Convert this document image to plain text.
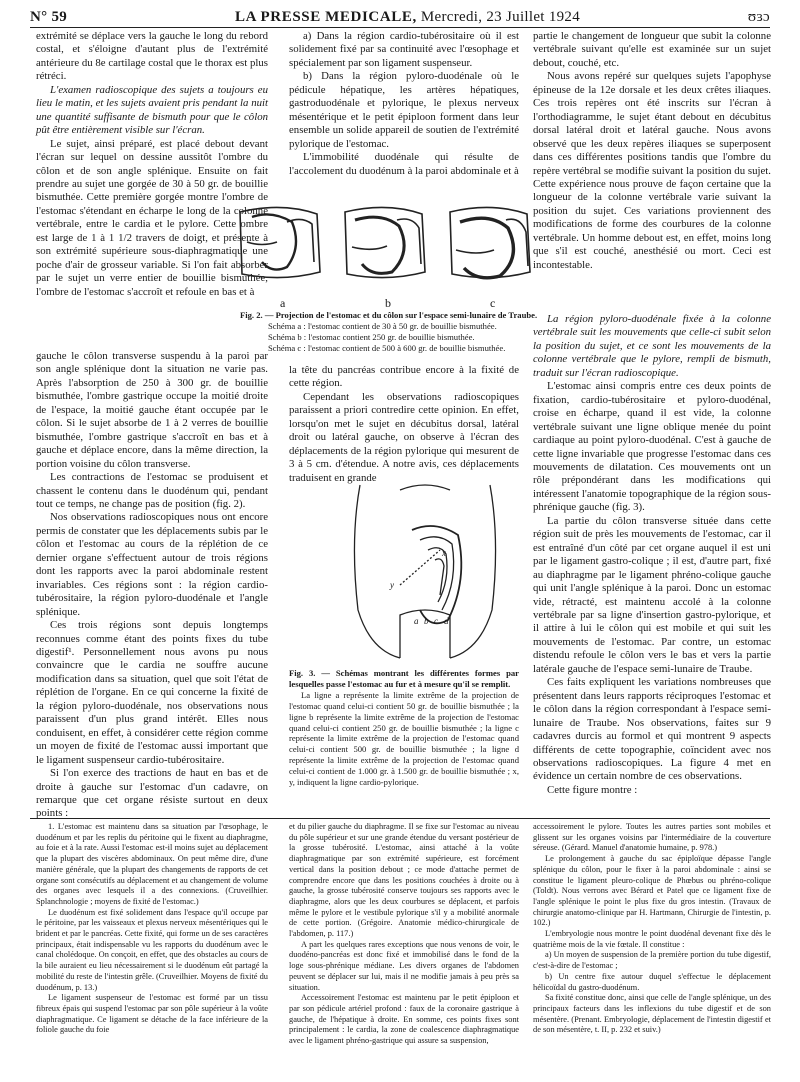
N° 59	LA PRESSE MEDICALE, Mercredi, 23 Juillet 1924	ʊɜɔ

extrémité se déplace vers la gauche le long du rebord costal, et s'éloigne d'autant plus de l'extrémité antérieure du 8e cartilage costal que le thorax est plus rétréci.

L'examen radioscopique des sujets a toujours eu lieu le matin, et les sujets avaient pris pendant la nuit une quantité suffisante de bismuth pour que le côlon pût être entièrement visible sur l'écran.

Le sujet, ainsi préparé, est placé debout devant l'écran sur lequel on dessine aussitôt l'ombre du côlon et de son angle splénique. Ensuite on fait prendre au sujet une gorgée de 30 à 50 gr. de bouillie bismuthée. Cette première gorgée montre l'ombre de l'estomac s'étendant en écharpe le long de la colonne vertébrale, entre le cardia et le pylore. Cette ombre est large de 1 à 1 1/2 travers de doigt, et présente à son extrémité supérieure sous-diaphragmatique une poche d'air de grosseur variable. Si l'on fait absorber par le sujet un verre entier de bouillie bismuthée, l'ombre de l'estomac s'accroît et refoule en bas et à

a) Dans la région cardio-tubérositaire où il est solidement fixé par sa continuité avec l'œsophage et spécialement par son ligament suspenseur.

b) Dans la région pyloro-duodénale où le pédicule hépatique, les artères hépatiques, gastroduodénale et pylorique, le plexus nerveux mésentérique et le petit épiploon forment dans leur ensemble un solide appareil de soutien de l'extrémité pylorique de l'estomac.

L'immobilité duodénale qui résulte de l'accolement du duodénum à la paroi abdominale et à

partie le changement de longueur que subit la colonne vertébrale suivant qu'elle est examinée sur un sujet debout, couché, etc.

Nous avons repéré sur quelques sujets l'apophyse épineuse de la 12e dorsale et les deux crêtes iliaques. Ces trois repères ont été inscrits sur l'écran à l'orthodiagramme, le sujet étant debout en décubitus dorsal latéral droit et latéral gauche. Nous avons observé que les deux repères iliaques se superposent dans ces différentes positions tandis que l'ombre du repère vertébral se modifie suivant la position du sujet. Cette expérience nous prouve de façon certaine que la longueur de la colonne vertébrale varie suivant la position du sujet. Ces variations proviennent des modifications de forme des courbures de la colonne vertébrale. Un homme debout est, en effet, moins long que s'il est couché, anesthésié ou mort. Ceci est incontestable.

a	b	c
Fig. 2. — Projection de l'estomac et du côlon sur l'espace semi-lunaire de Traube.
Schéma a : l'estomac contient de 30 à 50 gr. de bouillie bismuthée.
Schéma b : l'estomac contient 250 gr. de bouillie bismuthée.
Schéma c : l'estomac contient de 500 à 600 gr. de bouillie bismuthée.

gauche le côlon transverse suspendu à la paroi par son angle splénique dont la situation ne varie pas. Après l'absorption de 250 à 300 gr. de bouillie bismuthée, l'ombre gastrique occupe la moitié droite de l'espace, la moitié gauche étant occupée par le côlon. Si le sujet absorbe de 1 à 2 verres de bouillie bismuthée, l'ombre gastrique s'accroît en bas et à gauche et déplace encore, dans la même direction, la portion voisine du côlon transverse.

Les contractions de l'estomac se produisent et chassent le contenu dans le duodénum qui, pendant tout ce temps, ne change pas de position (fig. 2).

Nos observations radioscopiques nous ont encore permis de constater que les déplacements subis par le côlon et l'estomac au cours de la réplétion de ce dernier organe s'effectuent autour de trois régions dont les rapports avec la paroi abdominale restent invariables. Ces régions sont : la région cardio-tubérositaire, la région pyloro-duodénale et l'angle splénique.

Ces trois régions sont depuis longtemps reconnues comme étant des points fixes du tube digestif¹. Personnellement nous avons pu nous convaincre que le cardia ne souffre aucune modification dans sa situation, quel que soit l'état de réplétion de l'organe. En ce qui concerne la fixité de la région pyloro-duodénale, nos observations nous paraissent d'un plus grand intérêt. Elles nous conduisent, en effet, à considérer cette région comme un moyen de fixité de l'estomac aussi important que le ligament suspenseur cardio-tubérositaire.

Si l'on exerce des tractions de haut en bas et de droite à gauche sur l'estomac d'un cadavre, on remarque que cet organe résiste surtout en deux points :

la tête du pancréas contribue encore à la fixité de cette région.

Cependant les observations radioscopiques paraissent a priori contredire cette opinion. En effet, lorsqu'on met le sujet en décubitus dorsal, latéral droit ou latéral gauche, on observe à l'écran des déplacements de la région pylorique qui mesurent de 3 à 5 cm. d'étendue. A notre avis, ces déplacements traduisent en grande

x
y
a b c d
Fig. 3. — Schémas montrant les différentes formes par lesquelles passe l'estomac au fur et à mesure qu'il se remplit.
La ligne a représente la limite extrême de la projection de l'estomac quand celui-ci contient 50 gr. de bouillie bismuthée ; la ligne b représente la limite extrême de la projection de l'estomac quand celui-ci contient 250 gr. de bouillie bismuthée ; la ligne c représente la limite extrême de la projection de l'estomac quand celui-ci contient 500 gr. de bouillie bismuthée ; la ligne d représente la limite extrême de la projection de l'estomac quand celui-ci contient de 1.000 gr. à 1.500 gr. de bouillie bismuthée ; x, y, indiquent la ligne cardio-pylorique.

La région pyloro-duodénale fixée à la colonne vertébrale suit les mouvements que celle-ci subit selon la position du sujet, et ce sont les mouvements de la colonne vertébrale que le pylore, rempli de bismuth, traduit sur l'écran radioscopique.

L'estomac ainsi compris entre ces deux points de fixation, cardio-tubérositaire et pyloro-duodénal, croise en écharpe, quand il est vide, la colonne vertébrale suivant une ligne oblique menée du point cardiaque au point pyloro-duodénal. C'est à gauche de cette ligne invariable que progresse l'estomac dans ces mouvements de dilatation. Ces mouvements ont un rôle prépondérant dans les modifications qui intéressent l'anatomie topographique de la région sous-phrénique gauche (fig. 3).

La partie du côlon transverse située dans cette région suit de près les mouvements de l'estomac, car il est entraîné d'un côté par cet organe auquel il est uni par le ligament gastro-colique ; il est, d'autre part, fixé au diaphragme par le ligament phréno-colique gauche qui unit l'angle splénique à la paroi. Donc un estomac vide, rétracté, est maintenu accolé à la colonne vertébrale par sa ligne d'insertion gastro-pylorique, et il attire à lui le côlon qui est mobile et qui suit les mouvements de l'estomac. Par contre, un estomac distendu refoule le côlon vers le bas et vers la partie latérale gauche de l'espace semi-lunaire de Traube.

Ces faits expliquent les variations nombreuses que présentent dans leurs rapports réciproques l'estomac et le côlon dans la région correspondant à l'espace semi-lunaire de Traube. Nos observations, faites sur 9 cadavres durcis au formol et qui montrent 9 aspects différents de cette topographie, coïncident avec nos observations radioscopiques. La figure 4 met en évidence un certain nombre de ces observations.

Cette figure montre :

1. L'estomac est maintenu dans sa situation par l'œsophage, le duodénum et par les replis du péritoine qui le fixent au diaphragme, au foie et à la rate. Aussi l'estomac est-il moins sujet au déplacement que la plupart des viscères abdominaux. On peut même dire, d'une manière générale, que la plupart des changements de rapports de cet organe sont consécutifs au déplacement et au changement de volume des organes avec lesquels il a des connexions. (Cruveilhier. Splanchnologie ; moyens de fixité de l'estomac.)

Le duodénum est fixé solidement dans l'espace qu'il occupe par le péritoine, par les vaisseaux et plexus nerveux mésentériques qui le brident et par le pancréas. Cette fixité, qui forme un de ses caractères principaux, était indispensable vu les rapports du duodénum avec le canal cholédoque. On conçoit, en effet, que des obstacles au cours de la bile auraient eu lieu nécessairement si le duodénum eût partagé la mobilité du reste de l'intestin grêle. (Cruveilhier. Moyens de fixité du duodénum, p. 13.)

Le ligament suspenseur de l'estomac est formé par un tissu fibreux épais qui suspend l'estomac par son pôle supérieur à la voûte diaphragmatique. Ce ligament se détache de la face inférieure de la foliole gauche du foie

et du pilier gauche du diaphragme. Il se fixe sur l'estomac au niveau du pôle supérieur et sur une grande étendue du versant postérieur de la grosse tubérosité. L'estomac, ainsi attaché à la voûte diaphragmatique par son extrémité supérieure, est forcément vertical dans la position debout ; ce mode d'attache permet de comprendre encore que dans les positions couchées à droite ou à gauche, la grosse tubérosité conserve toujours ses rapports avec le diaphragme, alors que les deux courbures se déplacent, et parfois même le pylore et le vestibule pylorique s'il y a mobilité anormale de cette portion. (Grégoire. Anatomie médico-chirurgicale de l'abdomen, p. 117.)

A part les quelques rares exceptions que nous venons de voir, le duodéno-pancréas est donc fixé et immobilisé dans le fond de la loge sous-phrénique médiane. Les divers organes de l'abdomen peuvent se déplacer sur lui, mais il ne modifie jamais à peu près sa situation.

Accessoirement l'estomac est maintenu par le petit épiploon et par son pédicule artériel profond : faux de la coronaire gastrique à gauche, de l'hépatique à droite. En somme, ces points fixes sont principalement : le cardia, la zone de coalescence diaphragmatique avec le ligament phréno-gastrique qui assure sa suspension,

accessoirement le pylore. Toutes les autres parties sont mobiles et glissent sur les organes voisins par l'intermédiaire de la couverture séreuse. (Gérard. Manuel d'anatomie humaine, p. 978.)

Le prolongement à gauche du sac épiploïque dépasse l'angle splénique du côlon, pour le fixer à la paroi abdominale : ainsi se constitue le ligament pleuro-colique de Phœbus ou phréno-colique (Toldt). Nous verrons avec Bérard et Patel que ce ligament fixe de l'angle splénique le point le plus fixe du gros intestin. (Travaux de chirurgie anatomo-clinique par H. Hartmann, Chirurgie de l'intestin, p. 102.)

L'embryologie nous montre le point duodénal devenant fixe dès le quatrième mois de la vie fœtale. Il constitue :

a) Un moyen de suspension de la première portion du tube digestif, c'est-à-dire de l'estomac ;

b) Un centre fixe autour duquel s'effectue le déplacement hélicoïdal du gastro-duodénum.

Sa fixité constitue donc, ainsi que celle de l'angle splénique, un des principaux facteurs dans les inflexions du tube digestif et de son mésentère. (Prenant. Embryologie, déplacement de l'intestin digestif et de son mésentère, t. II, p. 232 et suiv.)
